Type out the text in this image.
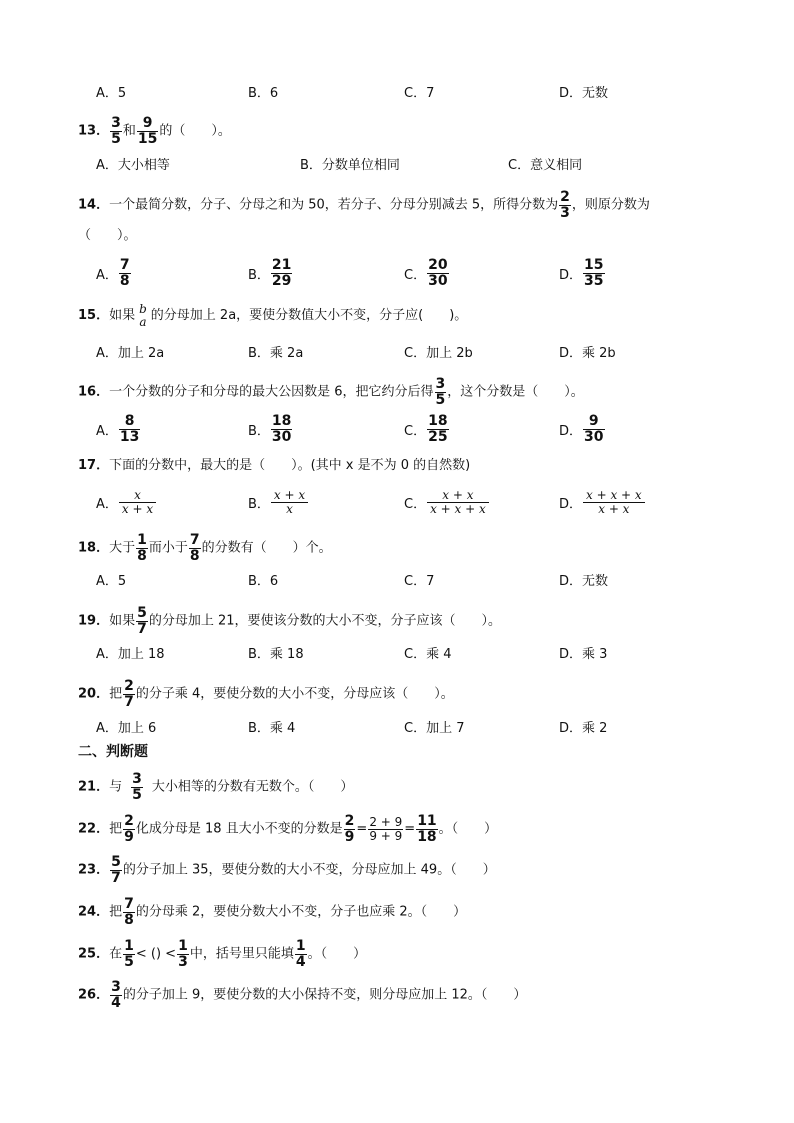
A．5	B．6	C．7	D．无数
13． $\frac{3}{5}$ 和 $\frac{9}{15}$ 的（　　）。
A．大小相等	B．分数单位相同	C．意义相同
14．一个最简分数，分子、分母之和为 50，若分子、分母分别减去 5，所得分数为 $\frac{2}{3}$ ，则原分数为
（　　）。
A． $\frac{7}{8}$	B． $\frac{21}{29}$	C． $\frac{20}{30}$	D． $\frac{15}{35}$
15．如果 b
a 的分母加上 2a，要使分数值大小不变，分子应(　　)。
A．加上 2a	B．乘 2a	C．加上 2b	D．乘 2b
16．一个分数的分子和分母的最大公因数是 6，把它约分后得 $\frac{3}{5}$ ，这个分数是（　　）。
A． $\frac{8}{13}$	B． $\frac{18}{30}$	C． $\frac{18}{25}$	D． $\frac{9}{30}$
17．下面的分数中，最大的是（　　）。(其中 x 是不为 0 的自然数)
A． $\frac{x}{x + x}$	B． $\frac{x + x}{x}$	C． $\frac{x + x}{x + x + x}$	D． $\frac{x + x + x}{x + x}$
18．大于 $\frac{1}{8}$ 而小于 $\frac{7}{8}$ 的分数有（　　）个。
A．5	B．6	C．7	D．无数
19．如果 $\frac{5}{7}$ 的分母加上 21，要使该分数的大小不变，分子应该（　　）。
A．加上 18	B．乘 18	C．乘 4	D．乘 3
20．把 $\frac{2}{7}$ 的分子乘 4，要使分数的大小不变，分母应该（　　）。
A．加上 6	B．乘 4	C．加上 7	D．乘 2
二、判断题
21．与 $\frac{3}{5}$ 大小相等的分数有无数个。（　　）
22．把 $\frac{2}{9}$ 化成分母是 18 且大小不变的分数是 $\frac{2}{9} = \frac{2 + 9}{9 + 9} = \frac{11}{18}$ 。（　　）
23． $\frac{5}{7}$ 的分子加上 35，要使分数的大小不变，分母应加上 49。（　　）
24．把 $\frac{7}{8}$ 的分母乘 2，要使分数大小不变，分子也应乘 2。（　　）
25．在 $\frac{1}{5}$ < () < $\frac{1}{3}$ 中，括号里只能填 $\frac{1}{4}$ 。（　　）
26． $\frac{3}{4}$ 的分子加上 9，要使分数的大小保持不变，则分母应加上 12。（　　）
